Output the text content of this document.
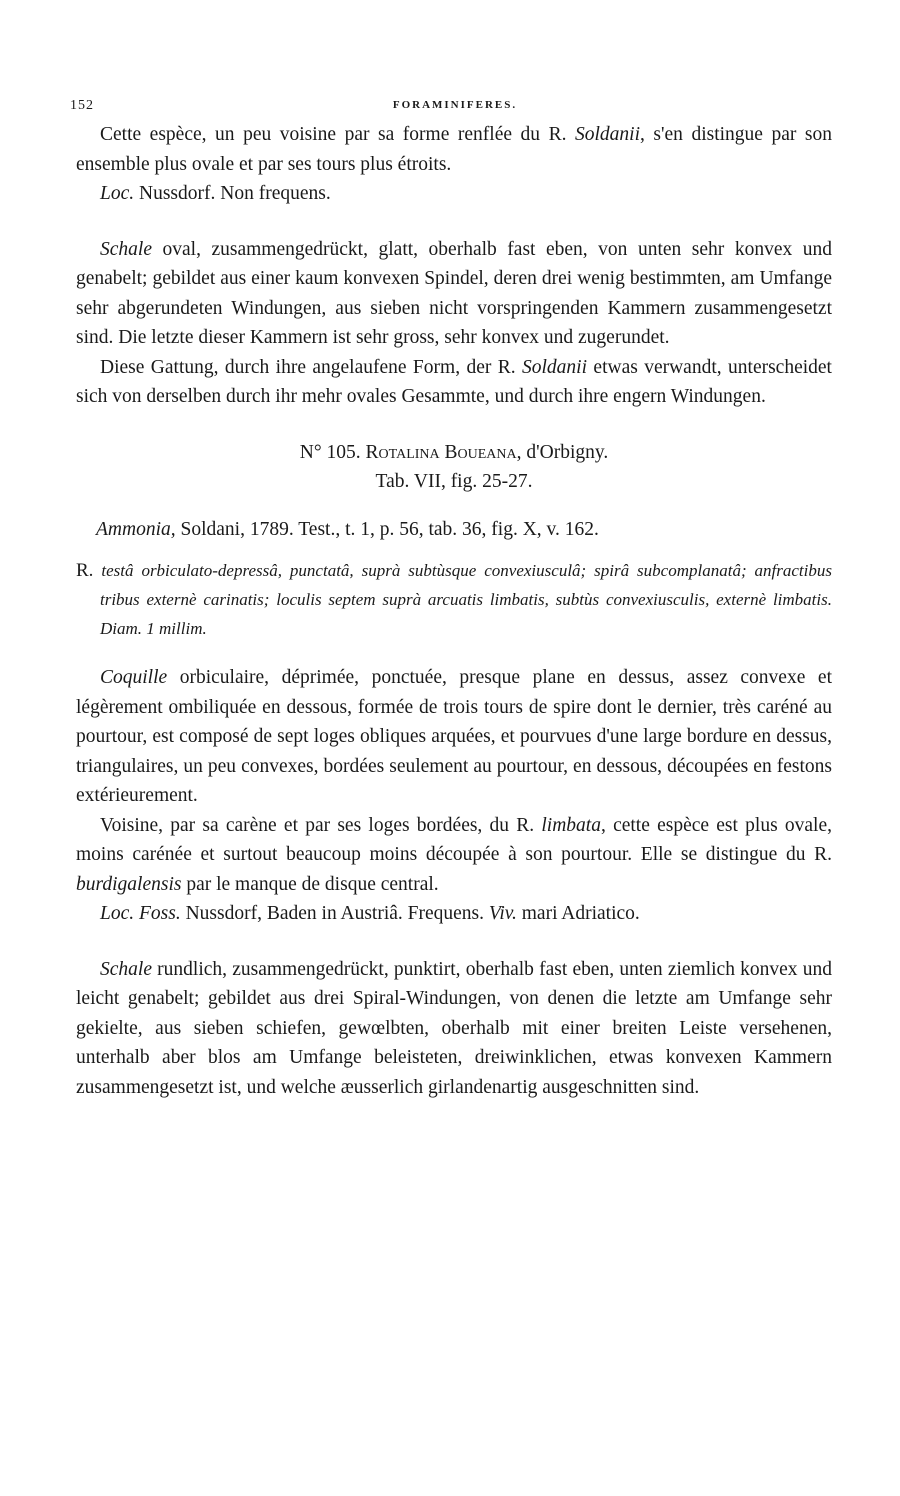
152	FORAMINIFERES.

Cette espèce, un peu voisine par sa forme renflée du R. Soldanii, s'en distingue par son ensemble plus ovale et par ses tours plus étroits.

Loc. Nussdorf. Non frequens.

Schale oval, zusammengedrückt, glatt, oberhalb fast eben, von unten sehr konvex und genabelt; gebildet aus einer kaum konvexen Spindel, deren drei wenig bestimmten, am Umfange sehr abgerundeten Windungen, aus sieben nicht vorspringenden Kammern zusammengesetzt sind. Die letzte dieser Kammern ist sehr gross, sehr konvex und zugerundet.

Diese Gattung, durch ihre angelaufene Form, der R. Soldanii etwas verwandt, unterscheidet sich von derselben durch ihr mehr ovales Gesammte, und durch ihre engern Windungen.

N° 105. Rotalina Boueana, d'Orbigny.

Tab. VII, fig. 25-27.

Ammonia, Soldani, 1789. Test., t. 1, p. 56, tab. 36, fig. X, v. 162.

R. testâ orbiculato-depressâ, punctatâ, suprà subtùsque convexiusculâ; spirâ subcomplanatâ; anfractibus tribus externè carinatis; loculis septem suprà arcuatis limbatis, subtùs convexiusculis, externè limbatis. Diam. 1 millim.

Coquille orbiculaire, déprimée, ponctuée, presque plane en dessus, assez convexe et légèrement ombiliquée en dessous, formée de trois tours de spire dont le dernier, très caréné au pourtour, est composé de sept loges obliques arquées, et pourvues d'une large bordure en dessus, triangulaires, un peu convexes, bordées seulement au pourtour, en dessous, découpées en festons extérieurement.

Voisine, par sa carène et par ses loges bordées, du R. limbata, cette espèce est plus ovale, moins carénée et surtout beaucoup moins découpée à son pourtour. Elle se distingue du R. burdigalensis par le manque de disque central.

Loc. Foss. Nussdorf, Baden in Austriâ. Frequens. Viv. mari Adriatico.

Schale rundlich, zusammengedrückt, punktirt, oberhalb fast eben, unten ziemlich konvex und leicht genabelt; gebildet aus drei Spiral-Windungen, von denen die letzte am Umfange sehr gekielte, aus sieben schiefen, gewœlbten, oberhalb mit einer breiten Leiste versehenen, unterhalb aber blos am Umfange beleisteten, dreiwinklichen, etwas konvexen Kammern zusammengesetzt ist, und welche æusserlich girlandenartig ausgeschnitten sind.
